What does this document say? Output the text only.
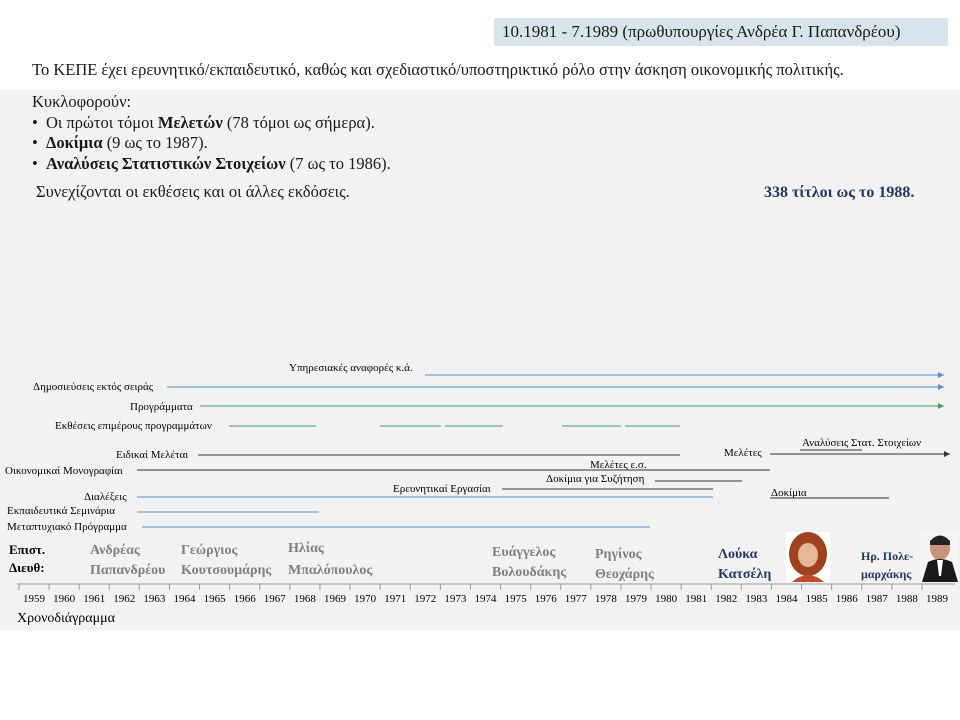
10.1981 - 7.1989 (πρωθυπουργίες Ανδρέα Γ. Παπανδρέου)
Το ΚΕΠΕ έχει ερευνητικό/εκπαιδευτικό, καθώς και σχεδιαστικό/υποστηρικτικό ρόλο στην άσκηση οικονομικής πολιτικής.
Κυκλοφορούν:
• Οι πρώτοι τόμοι Μελετών (78 τόμοι ως σήμερα).
• Δοκίμια (9 ως το 1987).
• Αναλύσεις Στατιστικών Στοιχείων (7 ως το 1986).
Συνεχίζονται οι εκθέσεις και οι άλλες εκδόσεις.	338 τίτλοι ως το 1988.
Υπηρεσιακές αναφορές κ.ά.
Δημοσιεύσεις εκτός σειράς
Προγράμματα
Εκθέσεις επιμέρους προγραμμάτων
Ειδικαί Μελέται	Μελέτες
Αναλύσεις Στατ. Στοιχείων
Οικονομικαί Μονογραφίαι	Μελέτες ε.σ.
Δοκίμια για Συζήτηση
Ερευνητικαί Εργασίαι	Δοκίμια
Διαλέξεις
Εκπαιδευτικά Σεμινάρια
Μεταπτυχιακό Πρόγραμμα
Επιστ.
Διευθ:
Ανδρέας
Παπανδρέου
Γεώργιος
Κουτσουμάρης
Ηλίας
Μπαλόπουλος
Ευάγγελος
Βολουδάκης
Ρηγίνος
Θεοχάρης
Λούκα
Κατσέλη
Ηρ. Πολε-
μαρχάκης
1959 1960 1961 1962 1963 1964 1965 1966 1967 1968 1969 1970 1971 1972 1973 1974 1975 1976 1977 1978 1979 1980 1981 1982 1983 1984 1985 1986 1987 1988 1989
Χρονοδιάγραμμα
